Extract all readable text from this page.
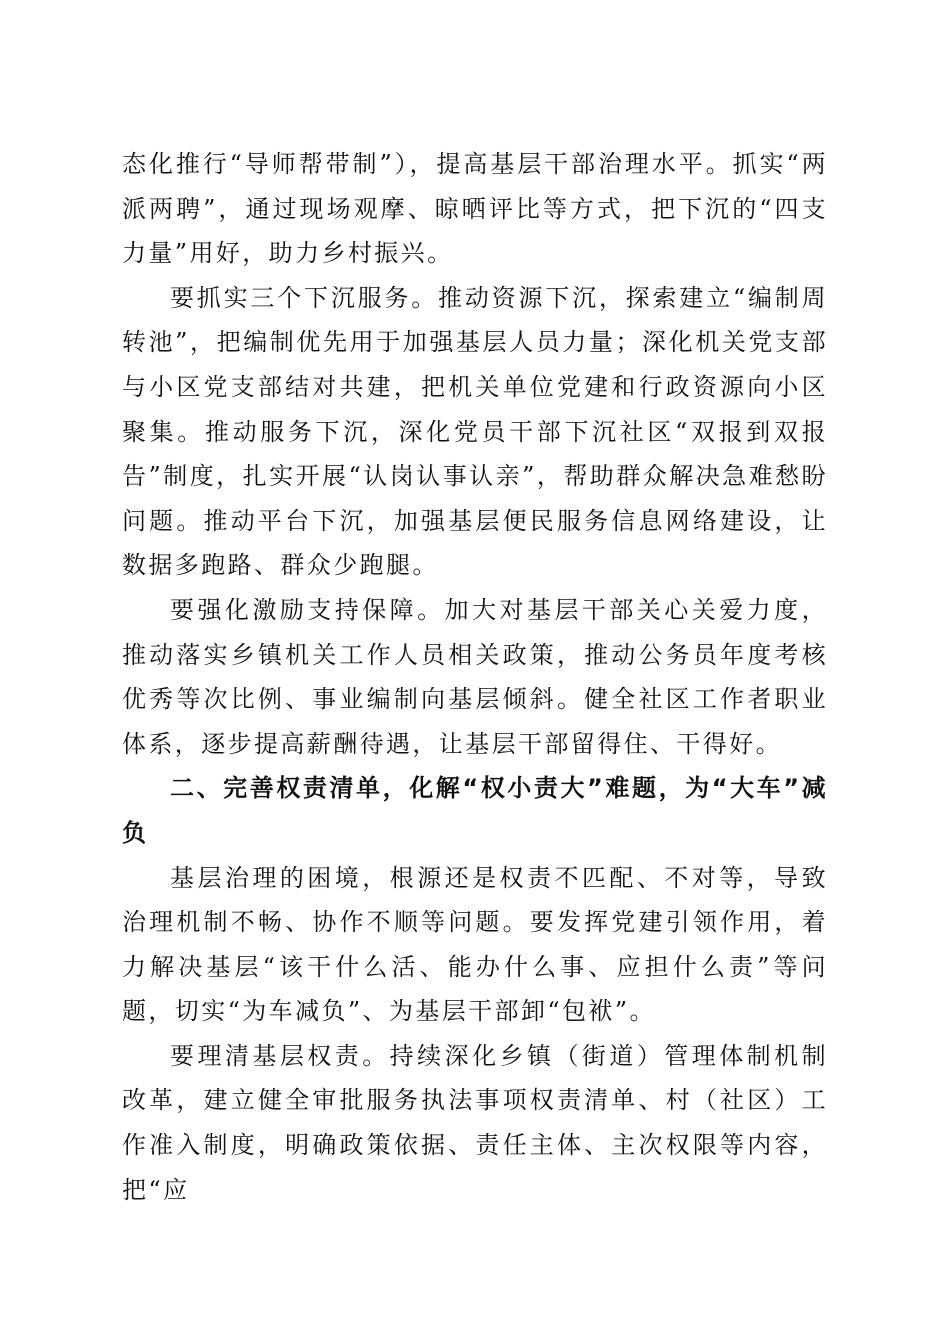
态化推行“导师帮带制”），提高基层干部治理水平。抓实“两派两聘”，通过现场观摩、晾晒评比等方式，把下沉的“四支力量”用好，助力乡村振兴。

要抓实三个下沉服务。推动资源下沉，探索建立“编制周转池”，把编制优先用于加强基层人员力量；深化机关党支部与小区党支部结对共建，把机关单位党建和行政资源向小区聚集。推动服务下沉，深化党员干部下沉社区“双报到双报告”制度，扎实开展“认岗认事认亲”，帮助群众解决急难愁盼问题。推动平台下沉，加强基层便民服务信息网络建设，让数据多跑路、群众少跑腿。

要强化激励支持保障。加大对基层干部关心关爱力度，推动落实乡镇机关工作人员相关政策，推动公务员年度考核优秀等次比例、事业编制向基层倾斜。健全社区工作者职业体系，逐步提高薪酬待遇，让基层干部留得住、干得好。

二、完善权责清单，化解“权小责大”难题，为“大车”减负

基层治理的困境，根源还是权责不匹配、不对等，导致治理机制不畅、协作不顺等问题。要发挥党建引领作用，着力解决基层“该干什么活、能办什么事、应担什么责”等问题，切实“为车减负”、为基层干部卸“包袱”。

要理清基层权责。持续深化乡镇（街道）管理体制机制改革，建立健全审批服务执法事项权责清单、村（社区）工作准入制度，明确政策依据、责任主体、主次权限等内容，把“应
